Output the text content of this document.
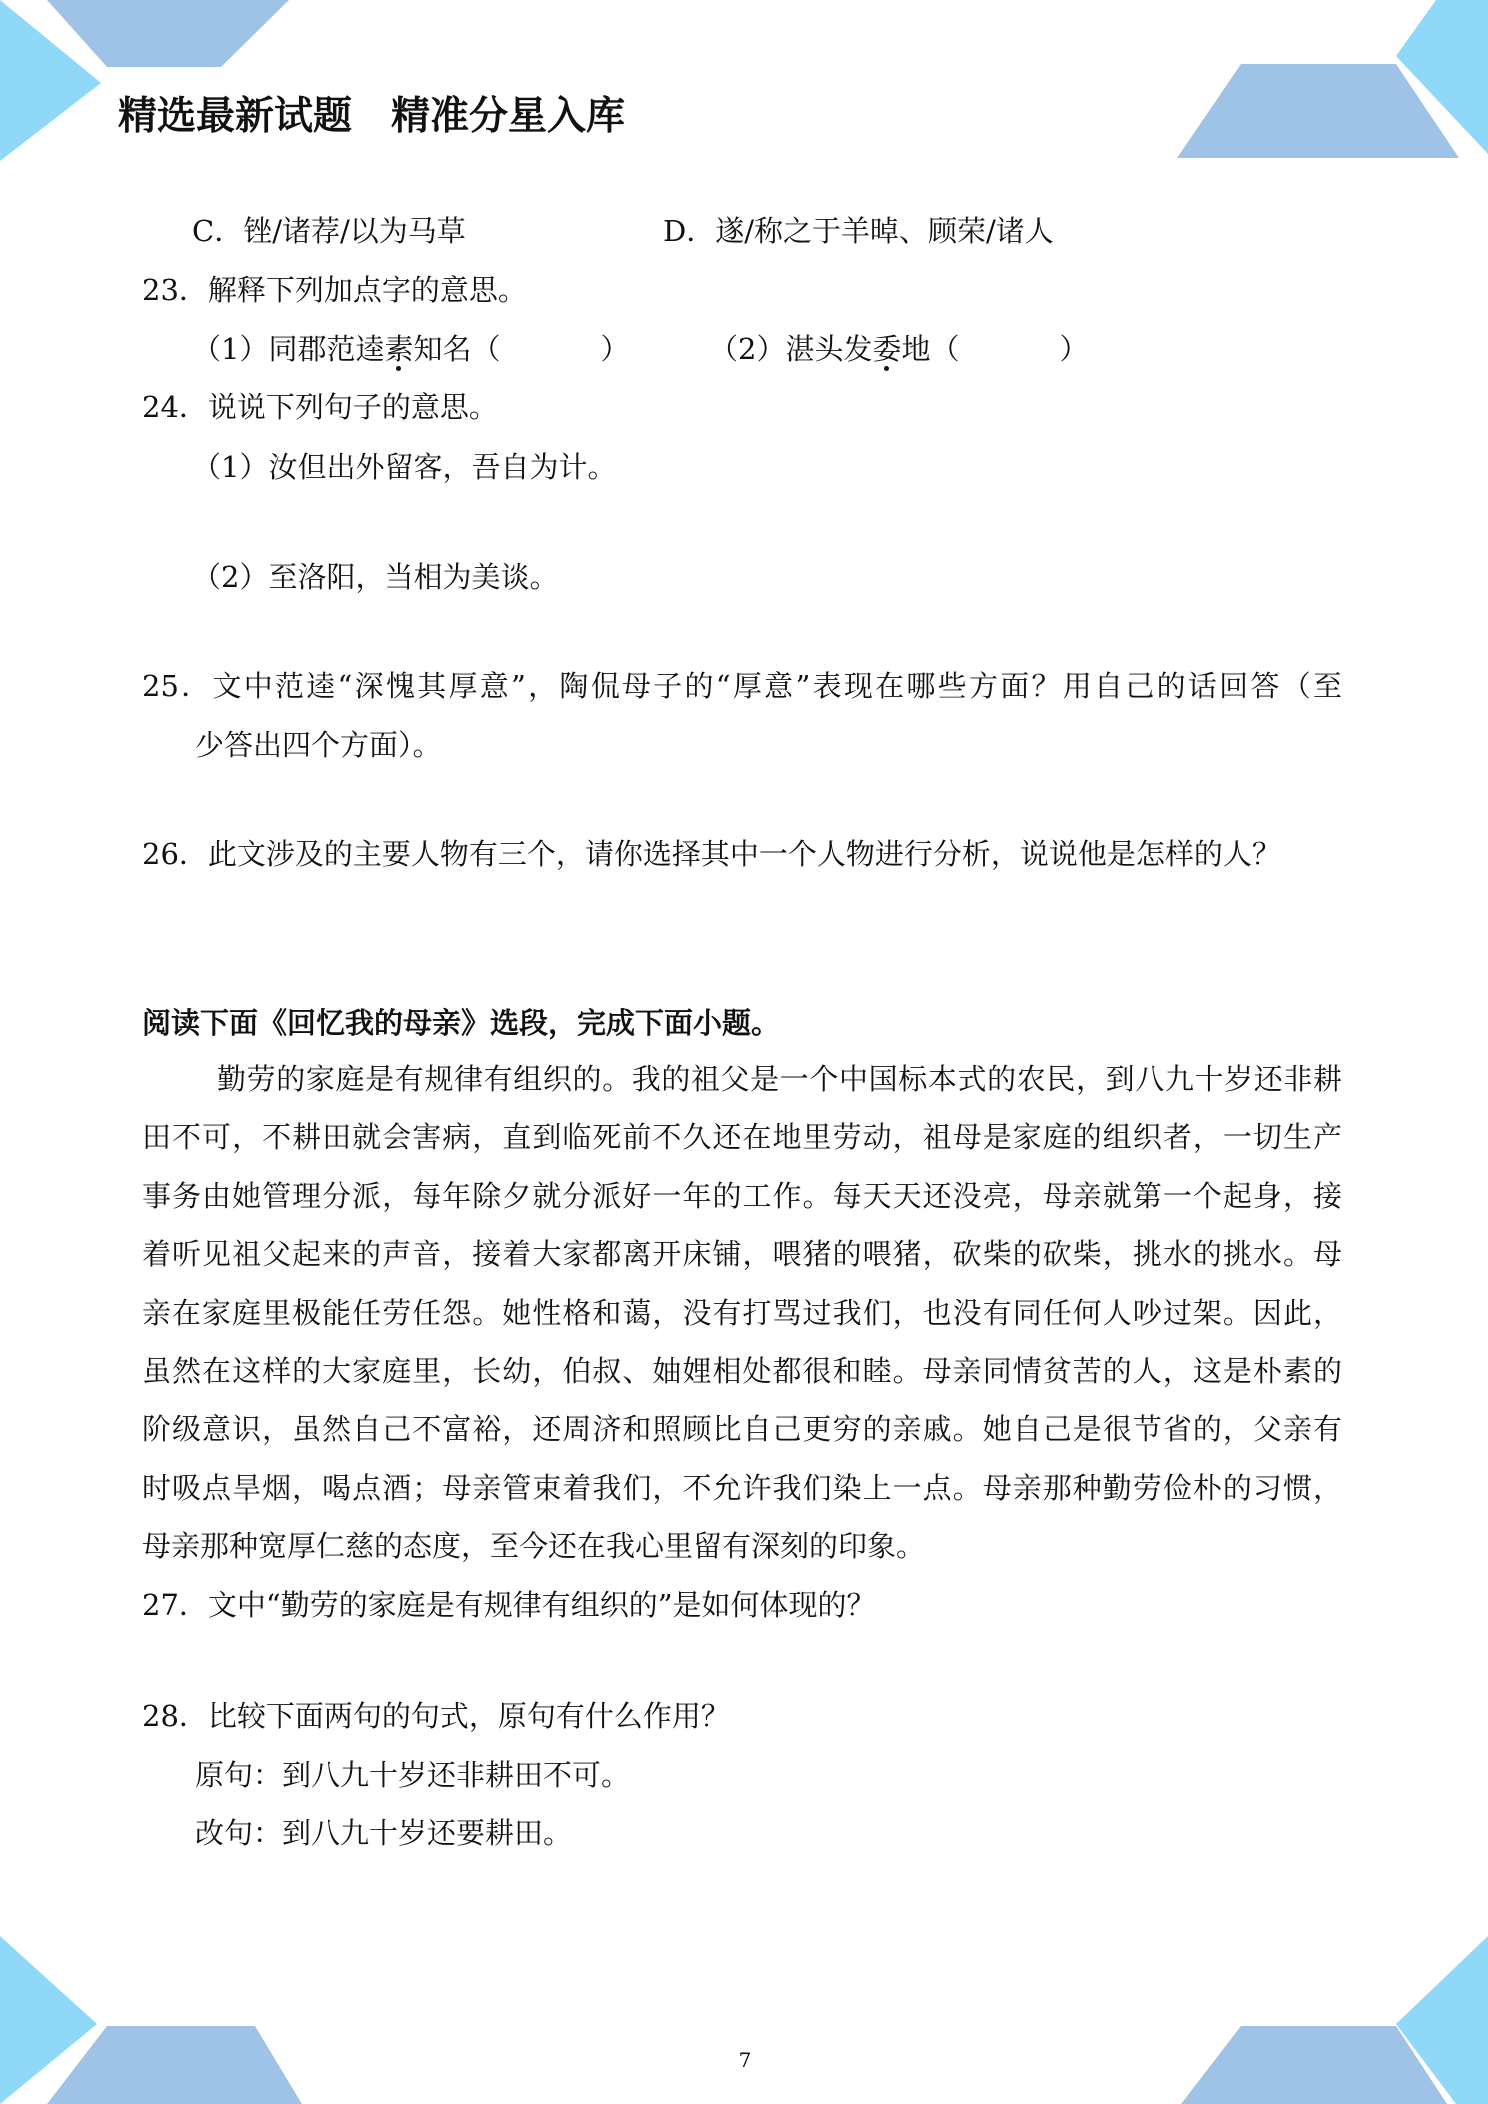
精选最新试题　精准分星入库
C．锉/诸荐/以为马草	D．遂/称之于羊晫、顾荣/诸人
23．解释下列加点字的意思。
（1）同郡范逵素知名（	）	（2）湛头发委地（	）
24．说说下列句子的意思。
（1）汝但出外留客，吾自为计。
（2）至洛阳，当相为美谈。
25．文中范逵“深愧其厚意”，陶侃母子的“厚意”表现在哪些方面？用自己的话回答（至
少答出四个方面）。
26．此文涉及的主要人物有三个，请你选择其中一个人物进行分析，说说他是怎样的人？
阅读下面《回忆我的母亲》选段，完成下面小题。
勤劳的家庭是有规律有组织的。我的祖父是一个中国标本式的农民，到八九十岁还非耕
田不可，不耕田就会害病，直到临死前不久还在地里劳动，祖母是家庭的组织者，一切生产
事务由她管理分派，每年除夕就分派好一年的工作。每天天还没亮，母亲就第一个起身，接
着听见祖父起来的声音，接着大家都离开床铺，喂猪的喂猪，砍柴的砍柴，挑水的挑水。母
亲在家庭里极能任劳任怨。她性格和蔼，没有打骂过我们，也没有同任何人吵过架。因此，
虽然在这样的大家庭里，长幼，伯叔、妯娌相处都很和睦。母亲同情贫苦的人，这是朴素的
阶级意识，虽然自己不富裕，还周济和照顾比自己更穷的亲戚。她自己是很节省的，父亲有
时吸点旱烟，喝点酒；母亲管束着我们，不允许我们染上一点。母亲那种勤劳俭朴的习惯，
母亲那种宽厚仁慈的态度，至今还在我心里留有深刻的印象。
27．文中“勤劳的家庭是有规律有组织的”是如何体现的？
28．比较下面两句的句式，原句有什么作用？
原句：到八九十岁还非耕田不可。
改句：到八九十岁还要耕田。
7
